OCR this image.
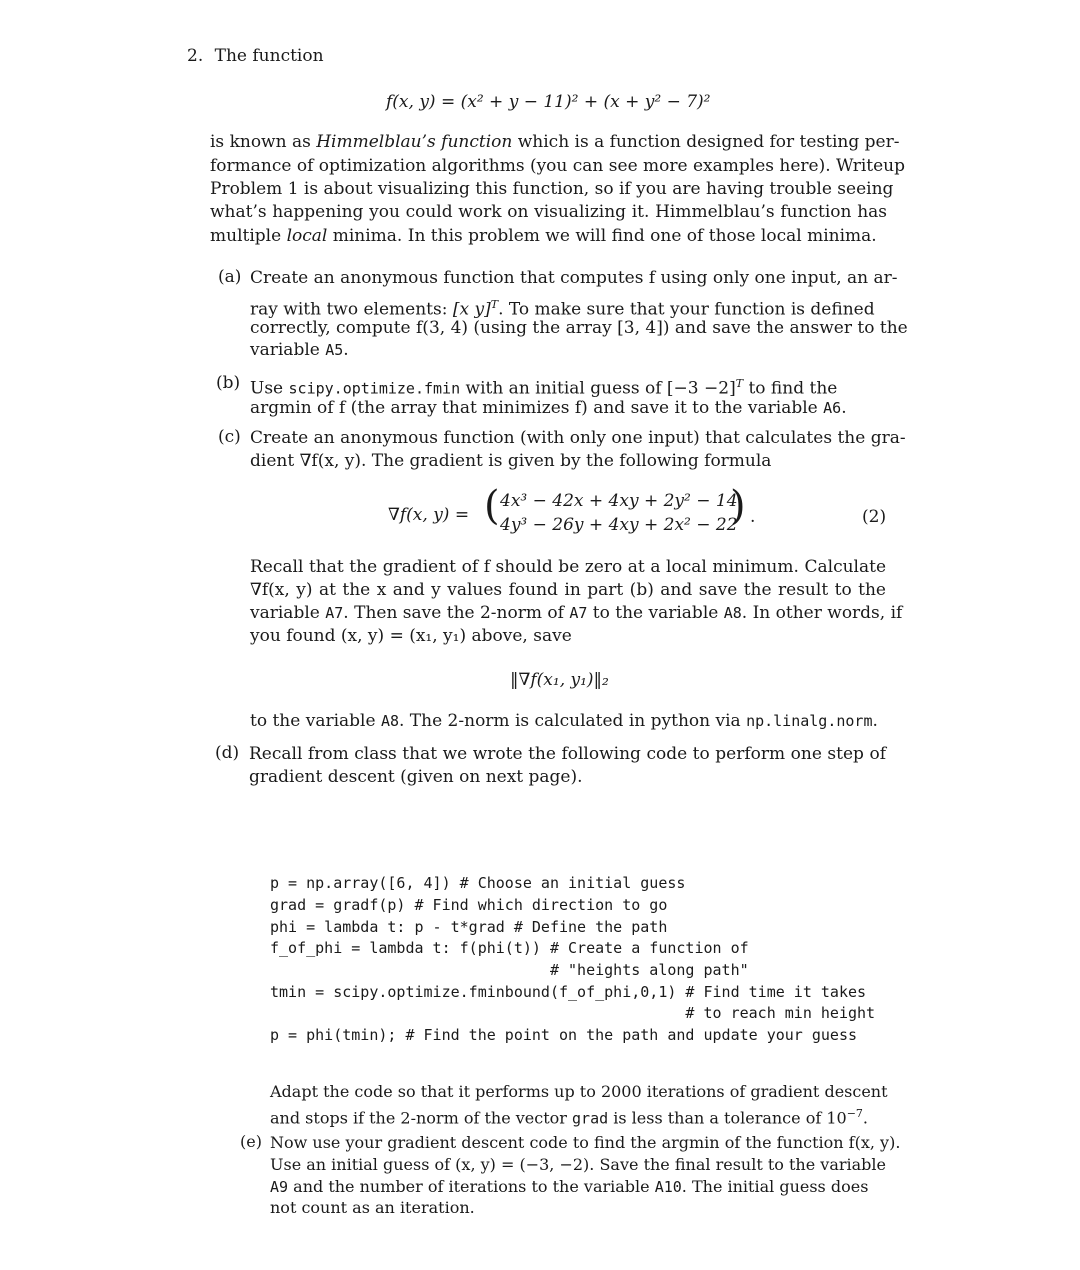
2. The function
f(x, y) = (x² + y − 11)² + (x + y² − 7)²
is known as Himmelblau’s function which is a function designed for testing per-
formance of optimization algorithms (you can see more examples here). Writeup
Problem 1 is about visualizing this function, so if you are having trouble seeing
what’s happening you could work on visualizing it. Himmelblau’s function has
multiple local minima. In this problem we will find one of those local minima.
(a) Create an anonymous function that computes f using only one input, an ar-
ray with two elements: [x y]$^T$. To make sure that your function is defined
correctly, compute f(3, 4) (using the array [3, 4]) and save the answer to the
variable A5.
(b) Use scipy.optimize.fmin with an initial guess of $[-3 -2]^T$ to find the
argmin of f (the array that minimizes f) and save it to the variable A6.
(c) Create an anonymous function (with only one input) that calculates the gra-
dient ∇f(x, y). The gradient is given by the following formula
∇f(x, y) = ( 4x³ − 42x + 4xy + 2y² − 14
4y³ − 26y + 4xy + 2x² − 22
) .	(2)
Recall that the gradient of f should be zero at a local minimum. Calculate
∇f(x, y) at the x and y values found in part (b) and save the result to the
variable A7. Then save the 2-norm of A7 to the variable A8. In other words, if
you found (x, y) = (x₁, y₁) above, save
‖∇f(x₁, y₁)‖₂
to the variable A8. The 2-norm is calculated in python via np.linalg.norm.
(d) Recall from class that we wrote the following code to perform one step of
gradient descent (given on next page).
p = np.array([6, 4]) # Choose an initial guess
grad = gradf(p) # Find which direction to go
phi = lambda t: p - t*grad # Define the path
f_of_phi = lambda t: f(phi(t)) # Create a function of
# "heights along path"
tmin = scipy.optimize.fminbound(f_of_phi,0,1) # Find time it takes
# to reach min height
p = phi(tmin); # Find the point on the path and update your guess
Adapt the code so that it performs up to 2000 iterations of gradient descent
and stops if the 2-norm of the vector grad is less than a tolerance of $10^{-7}$.
(e) Now use your gradient descent code to find the argmin of the function f(x, y).
Use an initial guess of (x, y) = (−3, −2). Save the final result to the variable
A9 and the number of iterations to the variable A10. The initial guess does
not count as an iteration.
